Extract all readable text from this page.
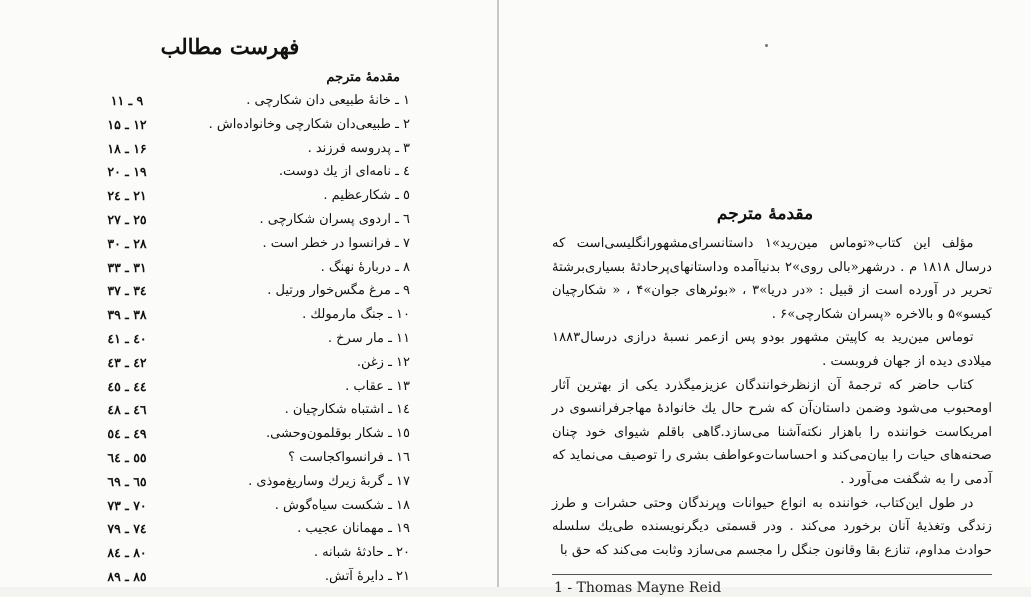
فهرست مطالب
مقدمهٔ مترجم
۱ ـ خانهٔ طبیعی دان شکارچی .
۹ ـ ۱۱
۲ ـ طبیعی‌دان شکارچی وخانواده‌اش .
۱۲ ـ ۱۵
۳ ـ پدروسه فرزند .
۱۶ ـ ۱۸
٤ ـ نامه‌ای از یك دوست.
۱۹ ـ ۲۰
٥ ـ شکارعظیم .
۲۱ ـ ۲٤
٦ ـ اردوی پسران شکارچی .
۲٥ ـ ۲۷
۷ ـ فرانسوا در خطر است .
۲۸ ـ ۳۰
۸ ـ دربارهٔ نهنگ .
۳۱ ـ ۳۳
۹ ـ مرغ مگس‌خوار ورتیل .
۳٤ ـ ۳۷
۱۰ ـ جنگ مارمولك .
۳۸ ـ ۳۹
۱۱ ـ مار سرخ .
٤۰ ـ ٤۱
۱۲ ـ زغن.
٤۲ ـ ٤۳
۱۳ ـ عقاب .
٤٤ ـ ٤٥
۱٤ ـ اشتباه شکارچیان .
٤٦ ـ ٤۸
۱٥ ـ شکار بوقلمون‌وحشی.
٤۹ ـ ٥٤
۱٦ ـ فرانسواکجاست ؟
٥٥ ـ ٦٤
۱۷ ـ گربهٔ زیرك وساریغ‌موذی .
٦٥ ـ ٦۹
۱۸ ـ شکست سیاه‌گوش .
۷۰ ـ ۷۳
۱۹ ـ مهمانان عجیب .
۷٤ ـ ۷۹
۲۰ ـ حادثهٔ شبانه .
۸۰ ـ ۸٤
۲۱ ـ دایرهٔ آتش.
۸٥ ـ ۸۹
مقدمهٔ مترجم

مؤلف این کتاب«توماس مین‌رید»۱ داستانسرای‌مشهورانگلیسی‌است که درسال ۱۸۱۸ م . درشهر«بالی روی»۲ بدنیاآمده وداستانهای‌پرحادثهٔ بسیاری‌برشتهٔ تحریر در آورده است از قبیل : «در دریا»۳ ، «بوئرهای جوان»۴ ، « شکارچیان کیسو»۵ و بالاخره «پسران شکارچی»۶ .

توماس مین‌رید به کاپیتن مشهور بودو پس ازعمر نسبهٔ درازی درسال۱۸۸۳ میلادی دیده از جهان فروبست .

کتاب حاضر که ترجمهٔ آن ازنظرخوانندگان عزیزمیگذرد یکی از بهترین آثار اومحبوب می‌شود وضمن داستان‌آن که شرح حال یك خانوادهٔ مهاجرفرانسوی در امریکاست خواننده را باهزار نکته‌آشنا می‌سازد.گاهی باقلم شیوای خود چنان صحنه‌های حیات را بیان‌می‌کند و احساسات‌وعواطف بشری را توصیف می‌نماید که آدمی را به شگفت می‌آورد .

در طول این‌کتاب، خواننده به انواع حیوانات وپرندگان وحتی حشرات و طرز زندگی وتغذیهٔ آنان برخورد می‌کند . ودر قسمتی دیگرنویسنده طی‌یك سلسله حوادث مداوم، تنازع بقا وقانون جنگل را مجسم می‌سازد وثابت می‌کند که حق با

1 - Thomas Mayne Reid
